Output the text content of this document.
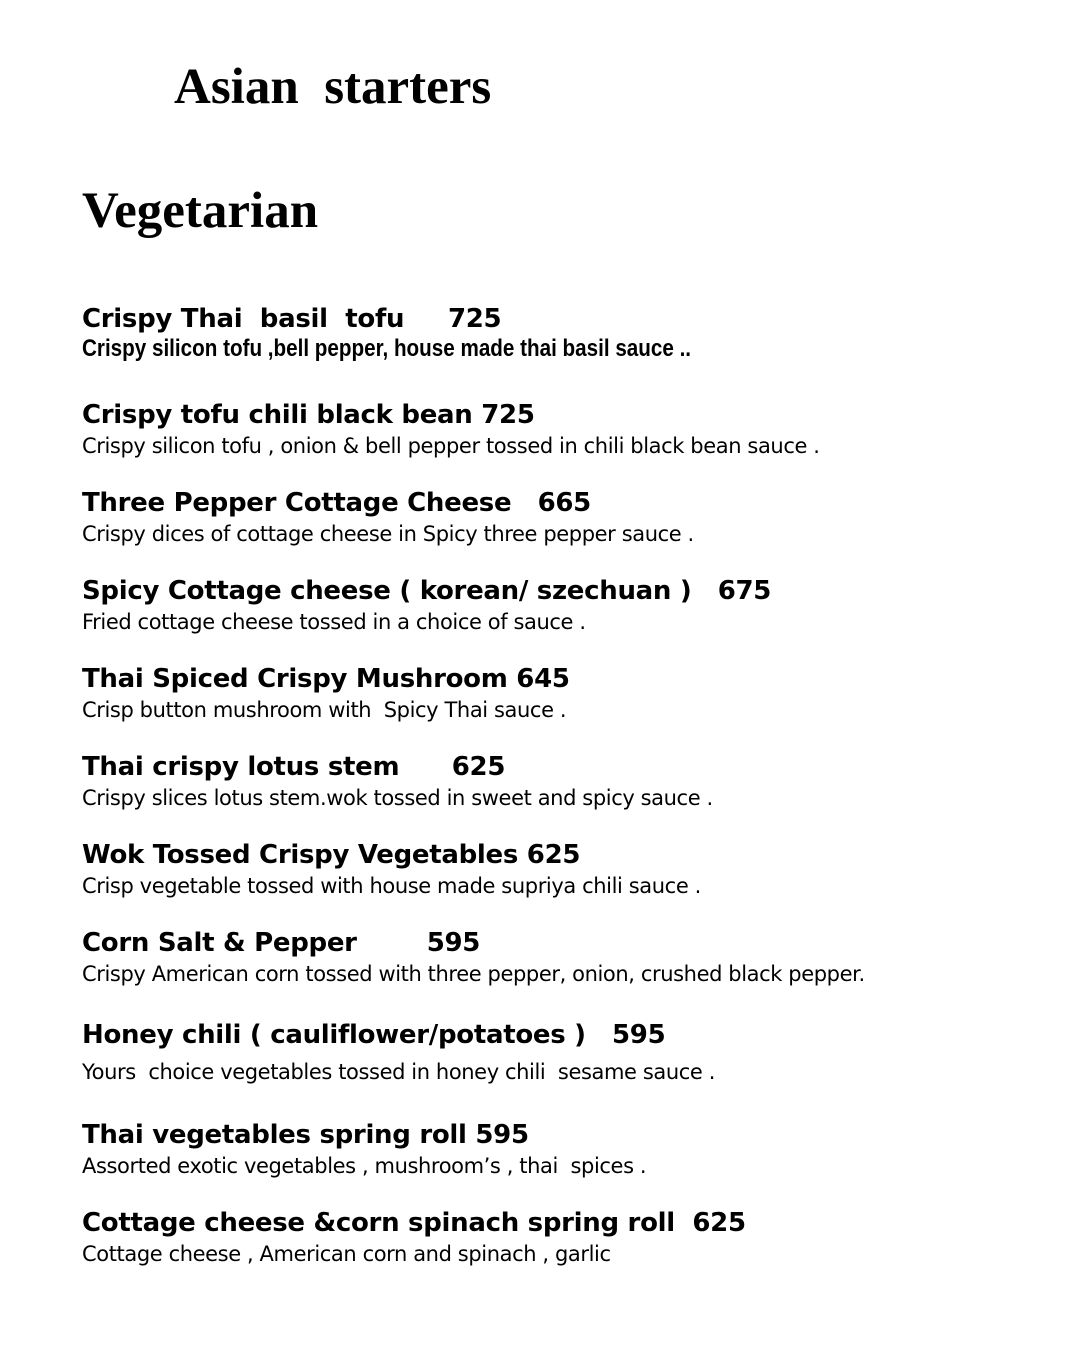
Asian  starters
Vegetarian
Crispy Thai  basil  tofu     725
Crispy silicon tofu ,bell pepper, house made thai basil sauce ..
Crispy tofu chili black bean 725
Crispy silicon tofu , onion & bell pepper tossed in chili black bean sauce .
Three Pepper Cottage Cheese   665
Crispy dices of cottage cheese in Spicy three pepper sauce .
Spicy Cottage cheese ( korean/ szechuan )   675
Fried cottage cheese tossed in a choice of sauce .
Thai Spiced Crispy Mushroom 645
Crisp button mushroom with  Spicy Thai sauce .
Thai crispy lotus stem      625
Crispy slices lotus stem.wok tossed in sweet and spicy sauce .
Wok Tossed Crispy Vegetables 625
Crisp vegetable tossed with house made supriya chili sauce .
Corn Salt & Pepper        595
Crispy American corn tossed with three pepper, onion, crushed black pepper.
Honey chili ( cauliflower/potatoes )   595
Yours  choice vegetables tossed in honey chili  sesame sauce .
Thai vegetables spring roll 595
Assorted exotic vegetables , mushroom’s , thai  spices .
Cottage cheese &corn spinach spring roll  625
Cottage cheese , American corn and spinach , garlic
